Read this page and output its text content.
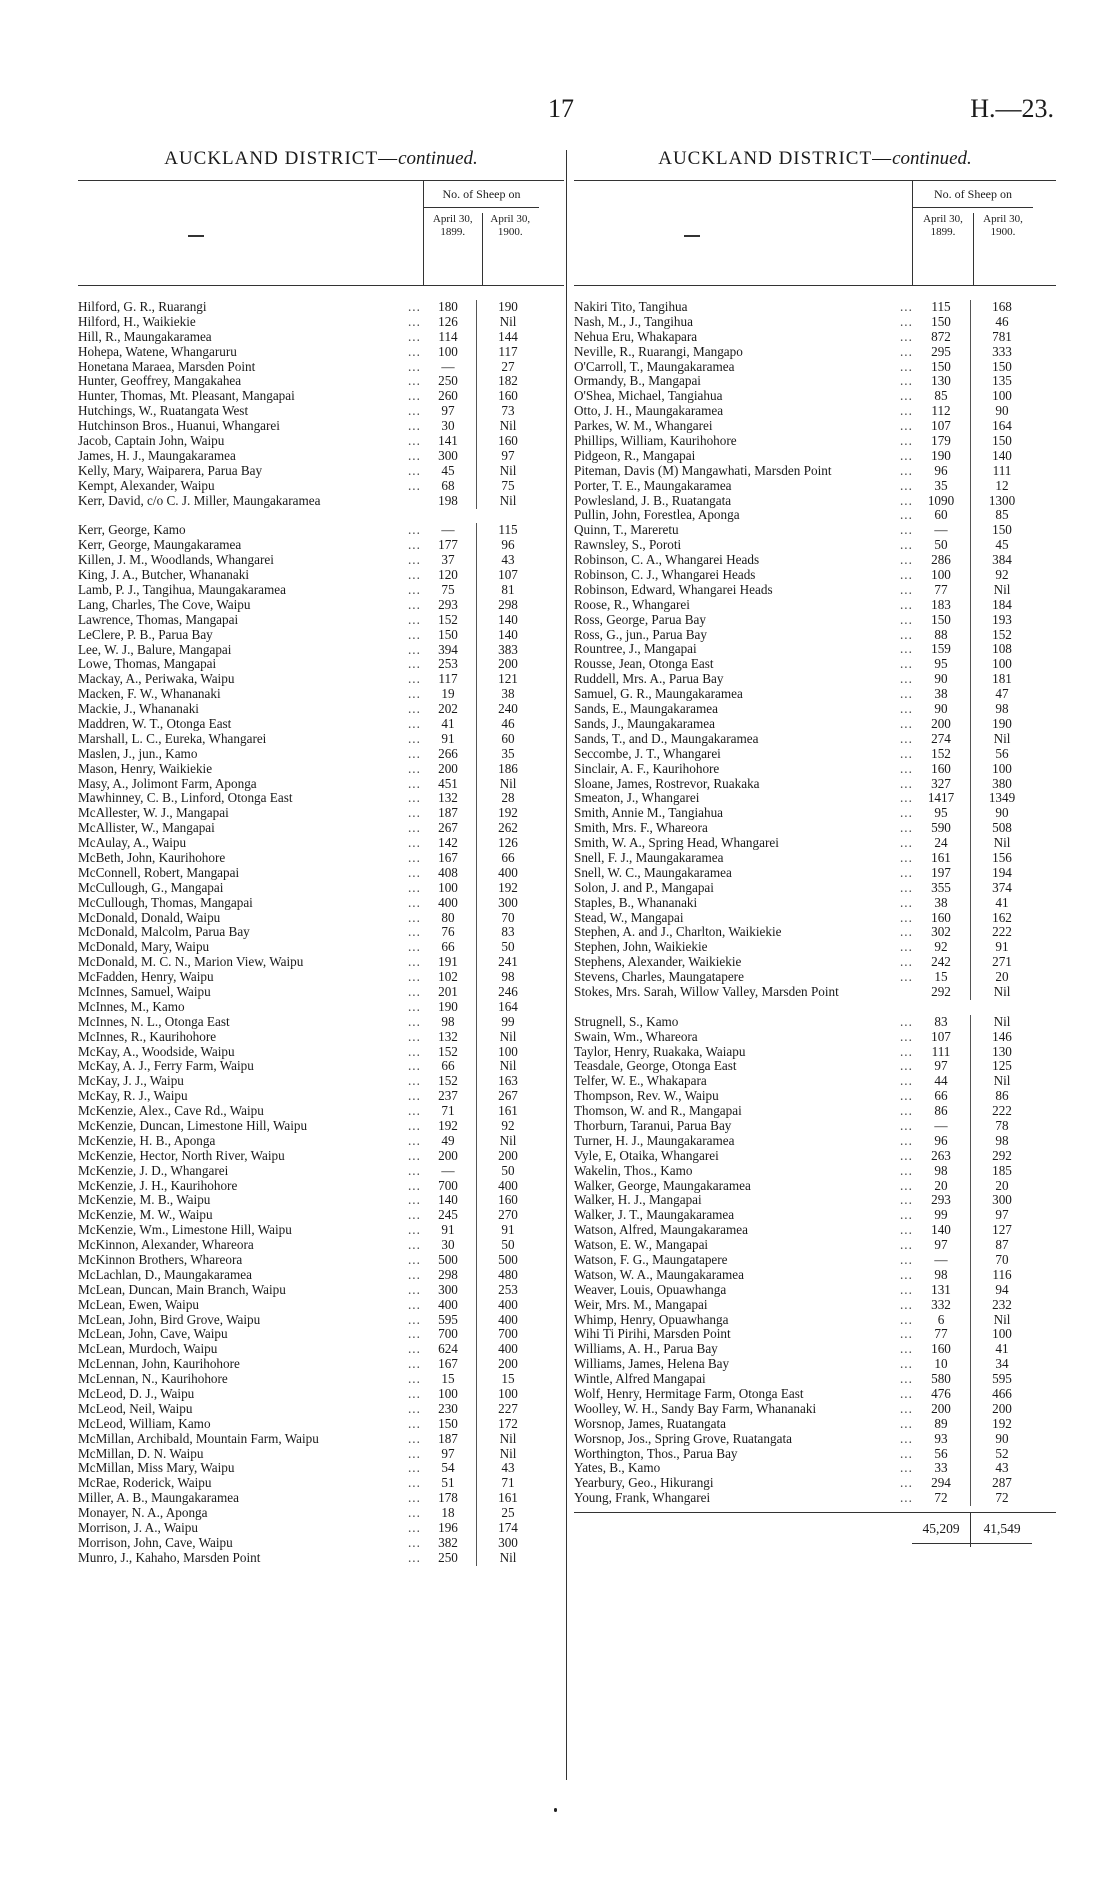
17	H.—23.
AUCKLAND DISTRICT—continued.
No. of Sheep on
April 30,
1899.
April 30,
1900.
...
Hilford, G. R., Ruarangi	180	190
...
Hilford, H., Waikiekie	126	Nil
...
Hill, R., Maungakaramea	114	144
...
Hohepa, Watene, Whangaruru	100	117
...
Honetana Maraea, Marsden Point	—	27
...
Hunter, Geoffrey, Mangakahea	250	182
...
Hunter, Thomas, Mt. Pleasant, Mangapai	260	160
...
Hutchings, W., Ruatangata West	97	73
...
Hutchinson Bros., Huanui, Whangarei	30	Nil
...
Jacob, Captain John, Waipu	141	160
...
James, H. J., Maungakaramea	300	97
...
Kelly, Mary, Waiparera, Parua Bay	45	Nil
...
Kempt, Alexander, Waipu	68	75
Kerr, David, c/o C. J. Miller, Maungakaramea	198	Nil
...
Kerr, George, Kamo	—	115
...
Kerr, George, Maungakaramea	177	96
...
Killen, J. M., Woodlands, Whangarei	37	43
...
King, J. A., Butcher, Whananaki	120	107
...
Lamb, P. J., Tangihua, Maungakaramea	75	81
...
Lang, Charles, The Cove, Waipu	293	298
...
Lawrence, Thomas, Mangapai	152	140
...
LeClere, P. B., Parua Bay	150	140
...
Lee, W. J., Balure, Mangapai	394	383
...
Lowe, Thomas, Mangapai	253	200
...
Mackay, A., Periwaka, Waipu	117	121
...
Macken, F. W., Whananaki	19	38
...
Mackie, J., Whananaki	202	240
...
Maddren, W. T., Otonga East	41	46
...
Marshall, L. C., Eureka, Whangarei	91	60
...
Maslen, J., jun., Kamo	266	35
...
Mason, Henry, Waikiekie	200	186
...
Masy, A., Jolimont Farm, Aponga	451	Nil
...
Mawhinney, C. B., Linford, Otonga East	132	28
...
McAllester, W. J., Mangapai	187	192
...
McAllister, W., Mangapai	267	262
...
McAulay, A., Waipu	142	126
...
McBeth, John, Kaurihohore	167	66
...
McConnell, Robert, Mangapai	408	400
...
McCullough, G., Mangapai	100	192
...
McCullough, Thomas, Mangapai	400	300
...
McDonald, Donald, Waipu	80	70
...
McDonald, Malcolm, Parua Bay	76	83
...
McDonald, Mary, Waipu	66	50
...
McDonald, M. C. N., Marion View, Waipu	191	241
...
McFadden, Henry, Waipu	102	98
...
McInnes, Samuel, Waipu	201	246
...
McInnes, M., Kamo	190	164
...
McInnes, N. L., Otonga East	98	99
...
McInnes, R., Kaurihohore	132	Nil
...
McKay, A., Woodside, Waipu	152	100
...
McKay, A. J., Ferry Farm, Waipu	66	Nil
...
McKay, J. J., Waipu	152	163
...
McKay, R. J., Waipu	237	267
...
McKenzie, Alex., Cave Rd., Waipu	71	161
...
McKenzie, Duncan, Limestone Hill, Waipu	192	92
...
McKenzie, H. B., Aponga	49	Nil
...
McKenzie, Hector, North River, Waipu	200	200
...
McKenzie, J. D., Whangarei	—	50
...
McKenzie, J. H., Kaurihohore	700	400
...
McKenzie, M. B., Waipu	140	160
...
McKenzie, M. W., Waipu	245	270
...
McKenzie, Wm., Limestone Hill, Waipu	91	91
...
McKinnon, Alexander, Whareora	30	50
...
McKinnon Brothers, Whareora	500	500
...
McLachlan, D., Maungakaramea	298	480
...
McLean, Duncan, Main Branch, Waipu	300	253
...
McLean, Ewen, Waipu	400	400
...
McLean, John, Bird Grove, Waipu	595	400
...
McLean, John, Cave, Waipu	700	700
...
McLean, Murdoch, Waipu	624	400
...
McLennan, John, Kaurihohore	167	200
...
McLennan, N., Kaurihohore	15	15
...
McLeod, D. J., Waipu	100	100
...
McLeod, Neil, Waipu	230	227
...
McLeod, William, Kamo	150	172
...
McMillan, Archibald, Mountain Farm, Waipu	187	Nil
...
McMillan, D. N. Waipu	97	Nil
...
McMillan, Miss Mary, Waipu	54	43
...
McRae, Roderick, Waipu	51	71
...
Miller, A. B., Maungakaramea	178	161
...
Monayer, N. A., Aponga	18	25
...
Morrison, J. A., Waipu	196	174
...
Morrison, John, Cave, Waipu	382	300
...
Munro, J., Kahaho, Marsden Point	250	Nil
AUCKLAND DISTRICT—continued.
No. of Sheep on
April 30,
1899.
April 30,
1900.
...
Nakiri Tito, Tangihua	115	168
...
Nash, M., J., Tangihua	150	46
...
Nehua Eru, Whakapara	872	781
...
Neville, R., Ruarangi, Mangapo	295	333
...
O'Carroll, T., Maungakaramea	150	150
...
Ormandy, B., Mangapai	130	135
...
O'Shea, Michael, Tangiahua	85	100
...
Otto, J. H., Maungakaramea	112	90
...
Parkes, W. M., Whangarei	107	164
...
Phillips, William, Kaurihohore	179	150
...
Pidgeon, R., Mangapai	190	140
...
Piteman, Davis (M) Mangawhati, Marsden Point	96	111
...
Porter, T. E., Maungakaramea	35	12
...
Powlesland, J. B., Ruatangata	1090	1300
...
Pullin, John, Forestlea, Aponga	60	85
...
Quinn, T., Mareretu	—	150
...
Rawnsley, S., Poroti	50	45
...
Robinson, C. A., Whangarei Heads	286	384
...
Robinson, C. J., Whangarei Heads	100	92
...
Robinson, Edward, Whangarei Heads	77	Nil
...
Roose, R., Whangarei	183	184
...
Ross, George, Parua Bay	150	193
...
Ross, G., jun., Parua Bay	88	152
...
Rountree, J., Mangapai	159	108
...
Rousse, Jean, Otonga East	95	100
...
Ruddell, Mrs. A., Parua Bay	90	181
...
Samuel, G. R., Maungakaramea	38	47
...
Sands, E., Maungakaramea	90	98
...
Sands, J., Maungakaramea	200	190
...
Sands, T., and D., Maungakaramea	274	Nil
...
Seccombe, J. T., Whangarei	152	56
...
Sinclair, A. F., Kaurihohore	160	100
...
Sloane, James, Rostrevor, Ruakaka	327	380
...
Smeaton, J., Whangarei	1417	1349
...
Smith, Annie M., Tangiahua	95	90
...
Smith, Mrs. F., Whareora	590	508
...
Smith, W. A., Spring Head, Whangarei	24	Nil
...
Snell, F. J., Maungakaramea	161	156
...
Snell, W. C., Maungakaramea	197	194
...
Solon, J. and P., Mangapai	355	374
...
Staples, B., Whananaki	38	41
...
Stead, W., Mangapai	160	162
...
Stephen, A. and J., Charlton, Waikiekie	302	222
...
Stephen, John, Waikiekie	92	91
...
Stephens, Alexander, Waikiekie	242	271
...
Stevens, Charles, Maungatapere	15	20
Stokes, Mrs. Sarah, Willow Valley, Marsden Point	292	Nil
...
Strugnell, S., Kamo	83	Nil
...
Swain, Wm., Whareora	107	146
...
Taylor, Henry, Ruakaka, Waiapu	111	130
...
Teasdale, George, Otonga East	97	125
...
Telfer, W. E., Whakapara	44	Nil
...
Thompson, Rev. W., Waipu	66	86
...
Thomson, W. and R., Mangapai	86	222
...
Thorburn, Taranui, Parua Bay	—	78
...
Turner, H. J., Maungakaramea	96	98
...
Vyle, E, Otaika, Whangarei	263	292
...
Wakelin, Thos., Kamo	98	185
...
Walker, George, Maungakaramea	20	20
...
Walker, H. J., Mangapai	293	300
...
Walker, J. T., Maungakaramea	99	97
...
Watson, Alfred, Maungakaramea	140	127
...
Watson, E. W., Mangapai	97	87
...
Watson, F. G., Maungatapere	—	70
...
Watson, W. A., Maungakaramea	98	116
...
Weaver, Louis, Opuawhanga	131	94
...
Weir, Mrs. M., Mangapai	332	232
...
Whimp, Henry, Opuawhanga	6	Nil
...
Wihi Ti Pirihi, Marsden Point	77	100
...
Williams, A. H., Parua Bay	160	41
...
Williams, James, Helena Bay	10	34
...
Wintle, Alfred Mangapai	580	595
...
Wolf, Henry, Hermitage Farm, Otonga East	476	466
...
Woolley, W. H., Sandy Bay Farm, Whananaki	200	200
...
Worsnop, James, Ruatangata	89	192
...
Worsnop, Jos., Spring Grove, Ruatangata	93	90
...
Worthington, Thos., Parua Bay	56	52
...
Yates, B., Kamo	33	43
...
Yearbury, Geo., Hikurangi	294	287
...
Young, Frank, Whangarei	72	72
45,209	41,549
